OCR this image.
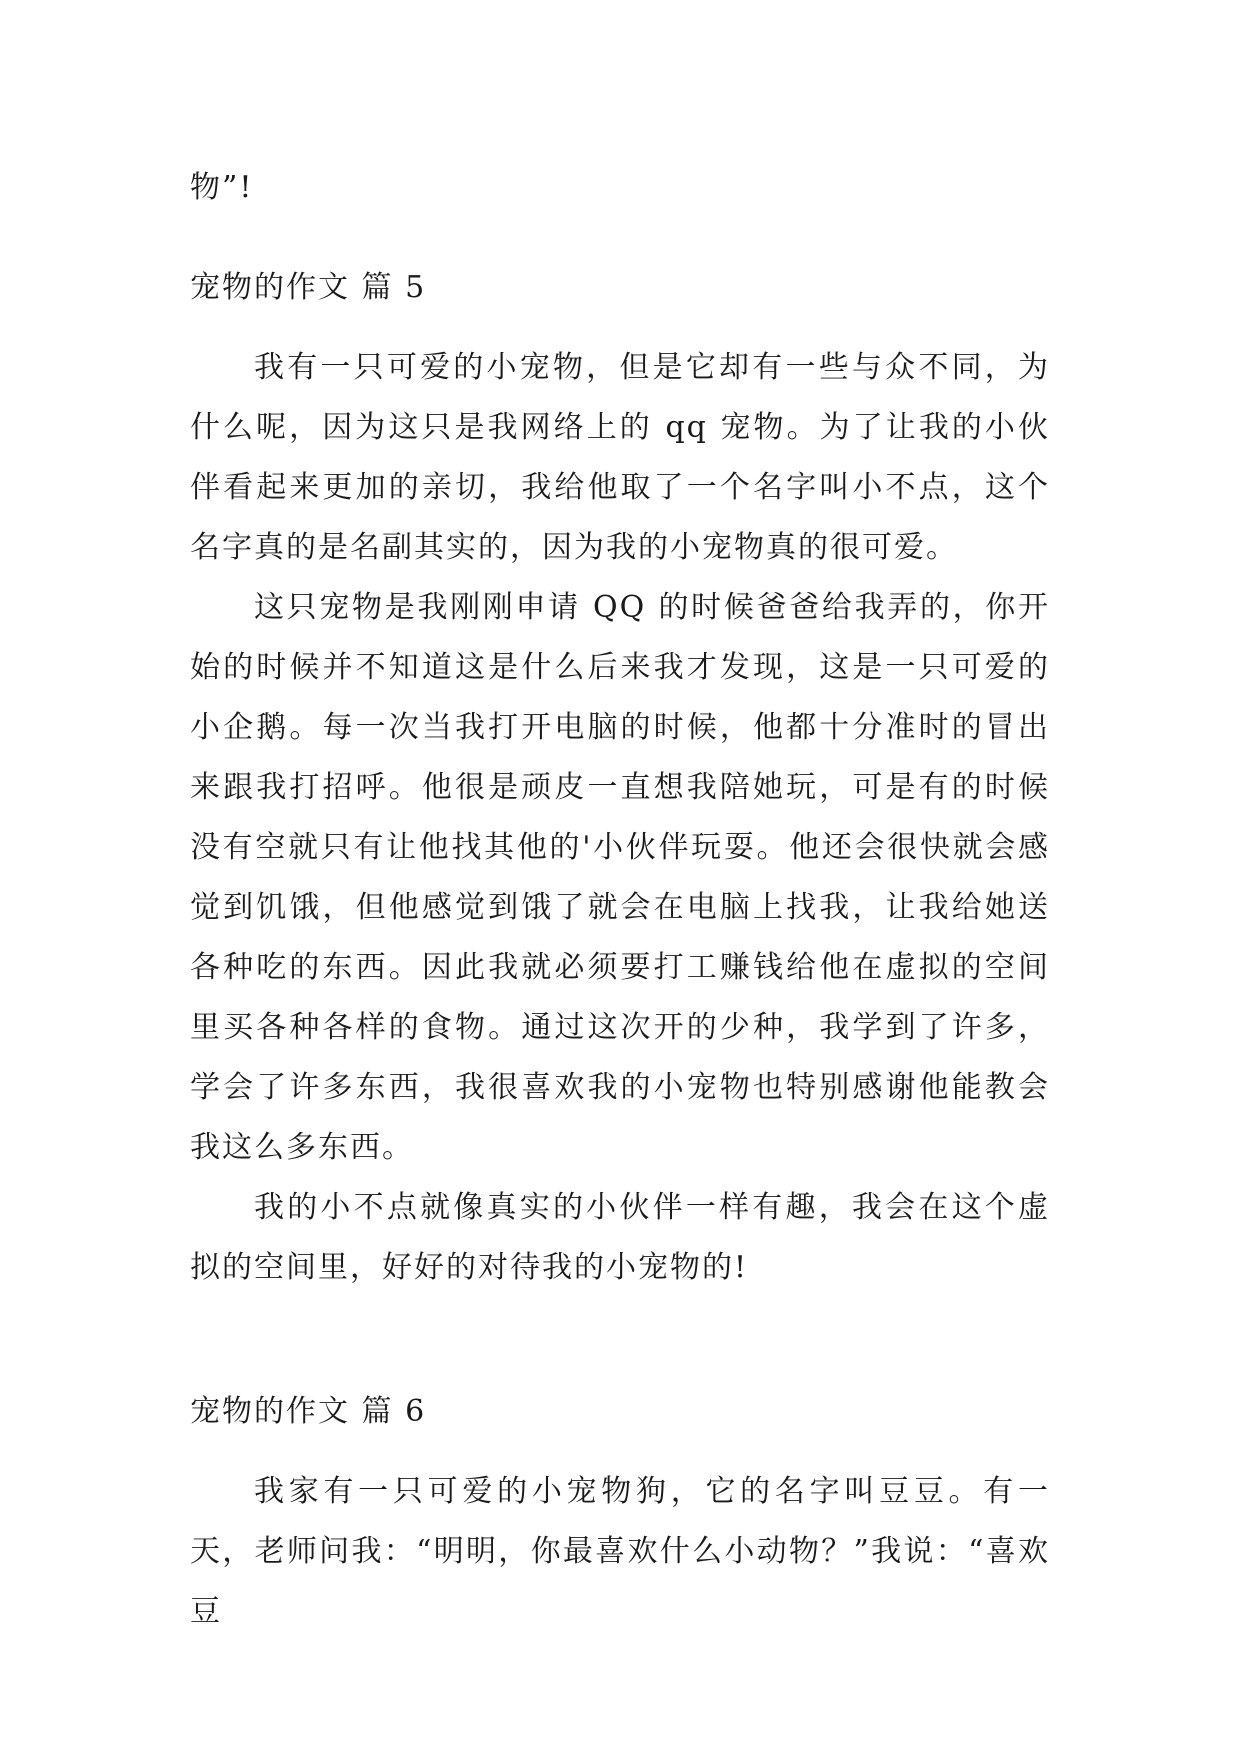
物”!
宠物的作文 篇 5

我有一只可爱的小宠物，但是它却有一些与众不同，为什么呢，因为这只是我网络上的 qq 宠物。为了让我的小伙伴看起来更加的亲切，我给他取了一个名字叫小不点，这个名字真的是名副其实的，因为我的小宠物真的很可爱。

这只宠物是我刚刚申请 QQ 的时候爸爸给我弄的，你开始的时候并不知道这是什么后来我才发现，这是一只可爱的小企鹅。每一次当我打开电脑的时候，他都十分准时的冒出来跟我打招呼。他很是顽皮一直想我陪她玩，可是有的时候没有空就只有让他找其他的'小伙伴玩耍。他还会很快就会感觉到饥饿，但他感觉到饿了就会在电脑上找我，让我给她送各种吃的东西。因此我就必须要打工赚钱给他在虚拟的空间里买各种各样的食物。通过这次开的少种，我学到了许多，学会了许多东西，我很喜欢我的小宠物也特别感谢他能教会我这么多东西。

我的小不点就像真实的小伙伴一样有趣，我会在这个虚拟的空间里，好好的对待我的小宠物的!

宠物的作文 篇 6

我家有一只可爱的小宠物狗，它的名字叫豆豆。有一天，老师问我：“明明，你最喜欢什么小动物？”我说：“喜欢豆
